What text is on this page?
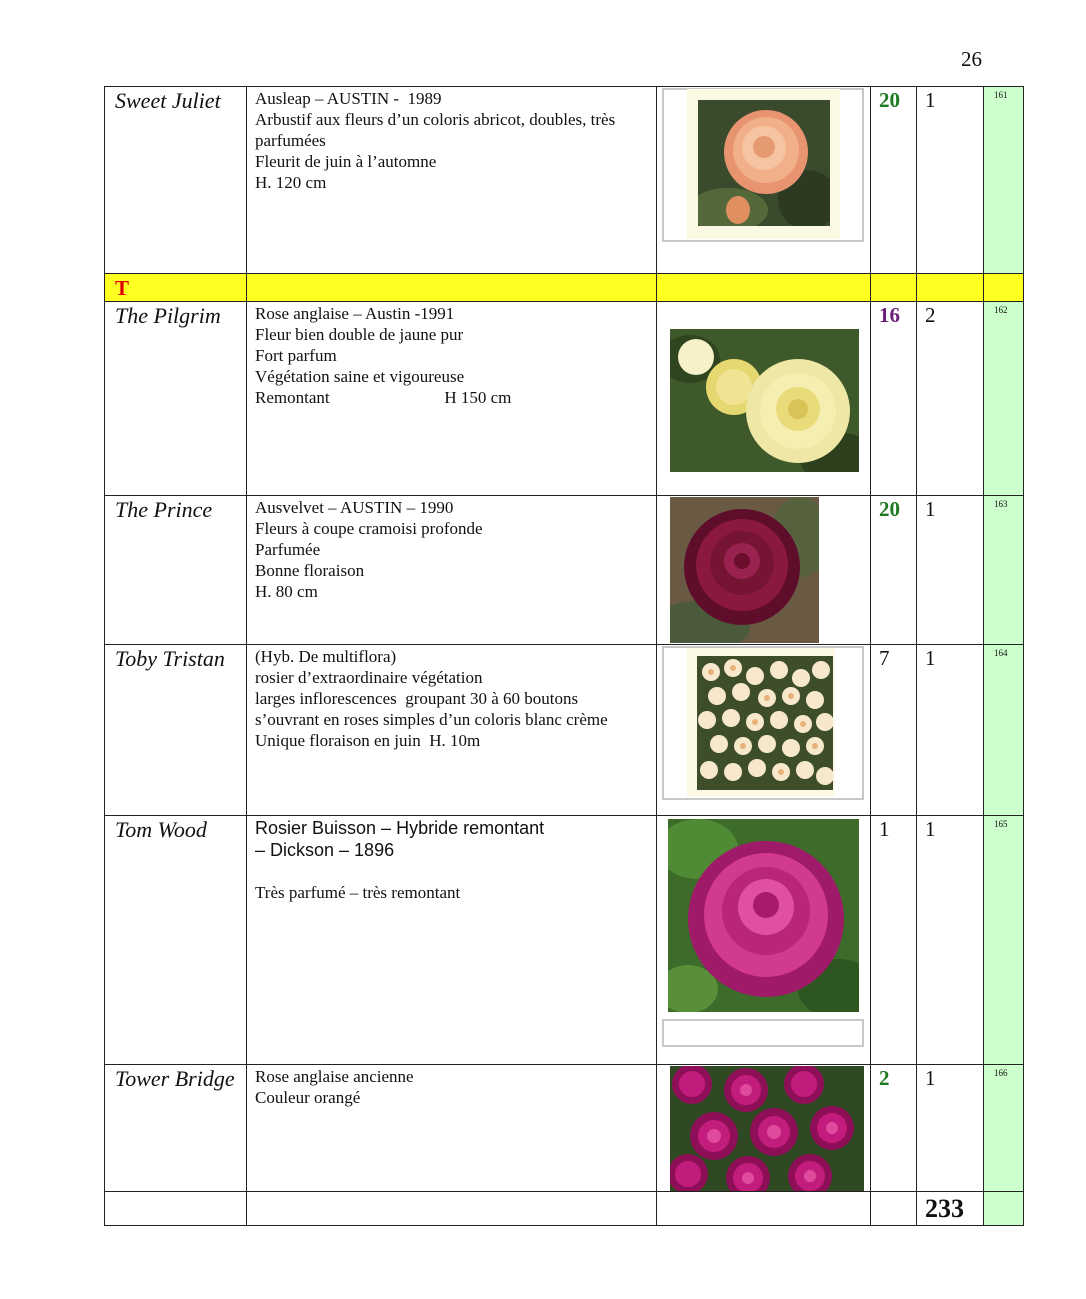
26
Sweet Juliet	Ausleap – AUSTIN -  1989
Arbustif aux fleurs d’un coloris abricot, doubles, très
parfumées
Fleurit de juin à l’automne
H. 120 cm		20	1	161

T					

The Pilgrim	Rose anglaise – Austin -1991
Fleur bien double de jaune pur
Fort parfum
Végétation saine et vigoureuse
Remontant                           H 150 cm		16	2	162

The Prince	Ausvelvet – AUSTIN – 1990
Fleurs à coupe cramoisi profonde
Parfumée
Bonne floraison
H. 80 cm		20	1	163

Toby Tristan	(Hyb. De multiflora)
rosier d’extraordinaire végétation
larges inflorescences  groupant 30 à 60 boutons
s’ouvrant en roses simples d’un coloris blanc crème
Unique floraison en juin  H. 10m		7	1	164

Tom Wood	Rosier Buisson – Hybride remontant
– Dickson – 1896

Très parfumé – très remontant		1	1	165

Tower Bridge	Rose anglaise ancienne
Couleur orangé		2	1	166

				233	
